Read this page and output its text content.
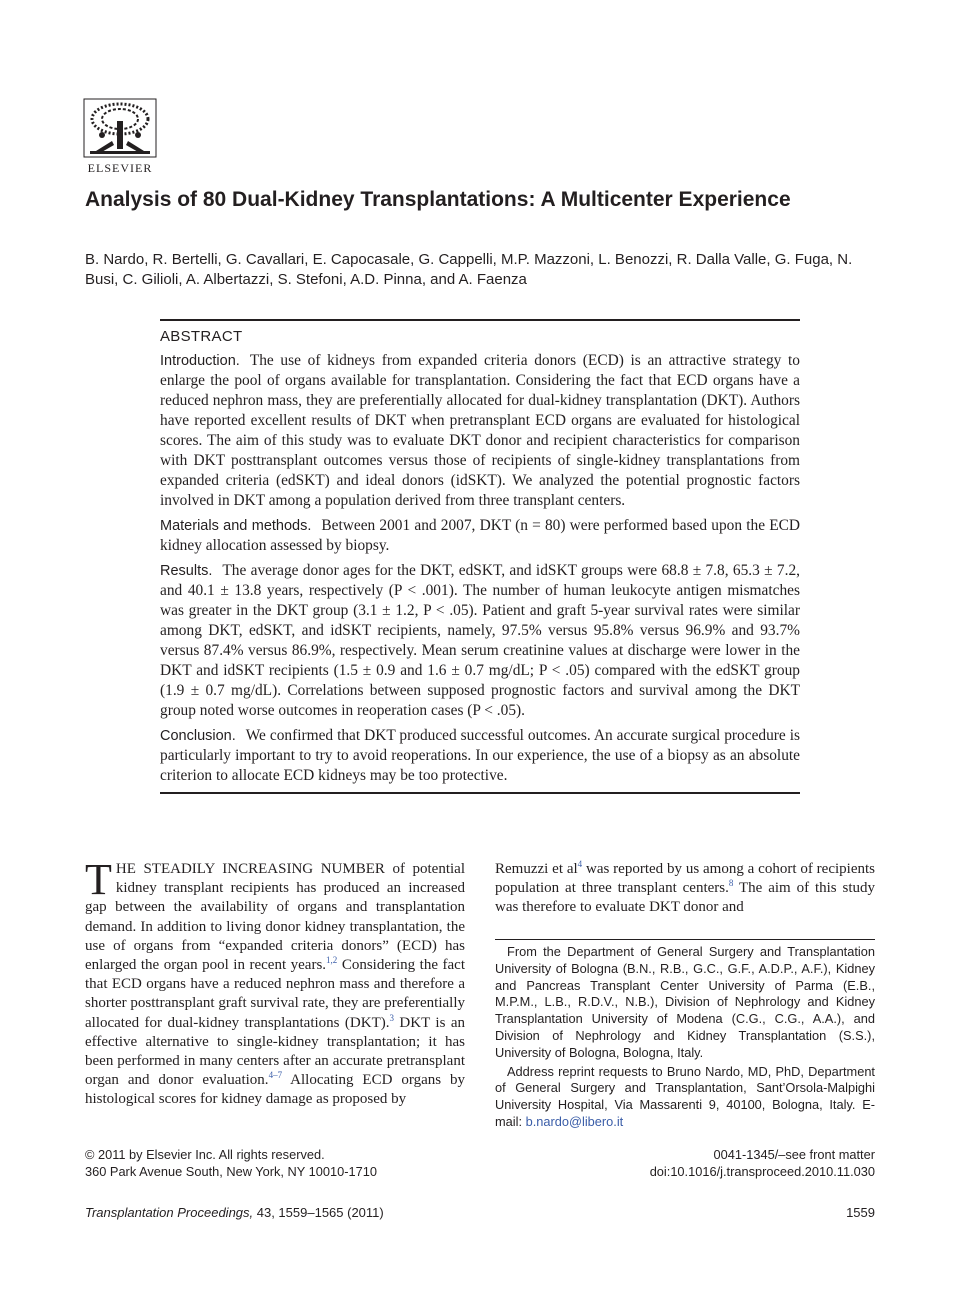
ELSEVIER
Analysis of 80 Dual-Kidney Transplantations: A Multicenter Experience

B. Nardo, R. Bertelli, G. Cavallari, E. Capocasale, G. Cappelli, M.P. Mazzoni, L. Benozzi, R. Dalla Valle, G. Fuga, N. Busi, C. Gilioli, A. Albertazzi, S. Stefoni, A.D. Pinna, and A. Faenza

ABSTRACT

Introduction. The use of kidneys from expanded criteria donors (ECD) is an attractive strategy to enlarge the pool of organs available for transplantation. Considering the fact that ECD organs have a reduced nephron mass, they are preferentially allocated for dual-kidney transplantation (DKT). Authors have reported excellent results of DKT when pretransplant ECD organs are evaluated for histological scores. The aim of this study was to evaluate DKT donor and recipient characteristics for comparison with DKT posttransplant outcomes versus those of recipients of single-kidney transplantations from expanded criteria (edSKT) and ideal donors (idSKT). We analyzed the potential prognostic factors involved in DKT among a population derived from three transplant centers.

Materials and methods. Between 2001 and 2007, DKT (n = 80) were performed based upon the ECD kidney allocation assessed by biopsy.

Results. The average donor ages for the DKT, edSKT, and idSKT groups were 68.8 ± 7.8, 65.3 ± 7.2, and 40.1 ± 13.8 years, respectively (P < .001). The number of human leukocyte antigen mismatches was greater in the DKT group (3.1 ± 1.2, P < .05). Patient and graft 5-year survival rates were similar among DKT, edSKT, and idSKT recipients, namely, 97.5% versus 95.8% versus 96.9% and 93.7% versus 87.4% versus 86.9%, respectively. Mean serum creatinine values at discharge were lower in the DKT and idSKT recipients (1.5 ± 0.9 and 1.6 ± 0.7 mg/dL; P < .05) compared with the edSKT group (1.9 ± 0.7 mg/dL). Correlations between supposed prognostic factors and survival among the DKT group noted worse outcomes in reoperation cases (P < .05).

Conclusion. We confirmed that DKT produced successful outcomes. An accurate surgical procedure is particularly important to try to avoid reoperations. In our experience, the use of a biopsy as an absolute criterion to allocate ECD kidneys may be too protective.

THE STEADILY INCREASING NUMBER of potential kidney transplant recipients has produced an increased gap between the availability of organs and transplantation demand. In addition to living donor kidney transplantation, the use of organs from “expanded criteria donors” (ECD) has enlarged the organ pool in recent years.$^{1,2}$ Considering the fact that ECD organs have a reduced nephron mass and therefore a shorter posttransplant graft survival rate, they are preferentially allocated for dual-kidney transplantations (DKT).$^3$ DKT is an effective alternative to single-kidney transplantation; it has been performed in many centers after an accurate pretransplant organ and donor evaluation.$^{4-7}$ Allocating ECD organs by histological scores for kidney damage as proposed by
Remuzzi et $al^4$ was reported by us among a cohort of recipients population at three transplant centers.$^8$ The aim of this study was therefore to evaluate DKT donor and

From the Department of General Surgery and Transplantation University of Bologna (B.N., R.B., G.C., G.F., A.D.P., A.F.), Kidney and Pancreas Transplant Center University of Parma (E.B., M.P.M., L.B., R.D.V., N.B.), Division of Nephrology and Kidney Transplantation University of Modena (C.G., C.G., A.A.), and Division of Nephrology and Kidney Transplantation (S.S.), University of Bologna, Bologna, Italy.

Address reprint requests to Bruno Nardo, MD, PhD, Department of General Surgery and Transplantation, Sant’Orsola-Malpighi University Hospital, Via Massarenti 9, 40100, Bologna, Italy. E-mail: b.nardo@libero.it

© 2011 by Elsevier Inc. All rights reserved.
360 Park Avenue South, New York, NY 10010-1710
0041-1345/–see front matter
doi:10.1016/j.transproceed.2010.11.030
Transplantation Proceedings, 43, 1559–1565 (2011)	1559
